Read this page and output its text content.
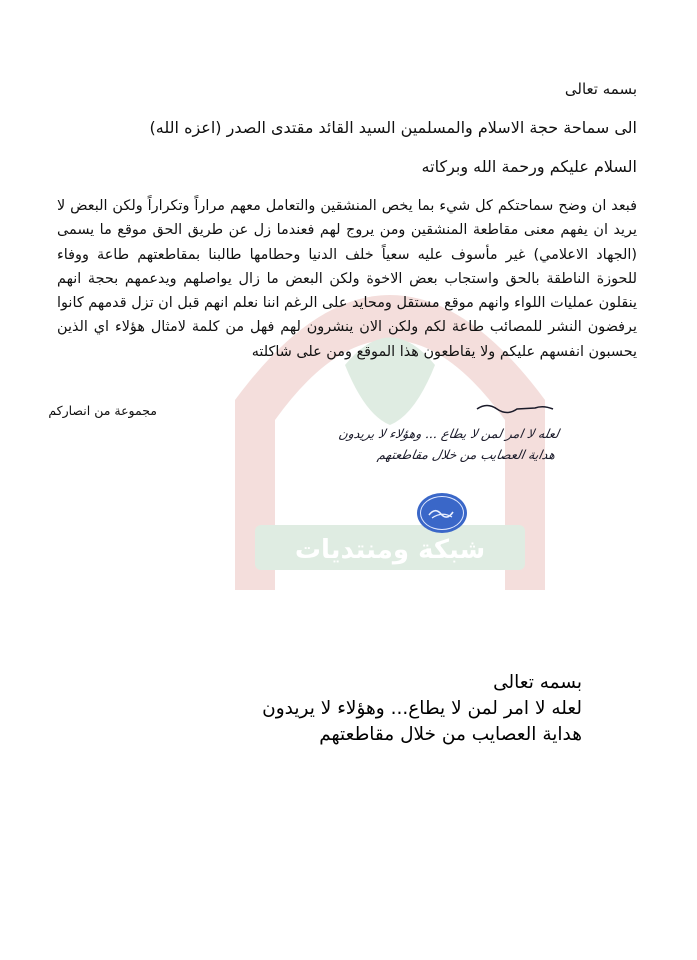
شبكة ومنتديات
بسمه تعالى
الى سماحة حجة الاسلام والمسلمين السيد القائد مقتدى الصدر (اعزه الله)
السلام عليكم ورحمة الله وبركاته
فبعد ان وضح سماحتكم كل شيء بما يخص المنشقين والتعامل معهم مراراً وتكراراً ولكن البعض لا يريد ان يفهم معنى مقاطعة المنشقين ومن يروج لهم فعندما زل عن طريق الحق موقع ما يسمى (الجهاد الاعلامي) غير مأسوف عليه سعياً خلف الدنيا وحطامها طالبنا بمقاطعتهم طاعة ووفاء للحوزة الناطقة بالحق واستجاب بعض الاخوة ولكن البعض ما زال يواصلهم ويدعمهم بحجة انهم ينقلون عمليات اللواء وانهم موقع مستقل ومحايد على الرغم اننا نعلم انهم قبل ان تزل قدمهم كانوا يرفضون النشر للمصائب طاعة لكم ولكن الان ينشرون لهم فهل من كلمة لامثال هؤلاء اي الذين يحسبون انفسهم عليكم ولا يقاطعون هذا الموقع ومن على شاكلته
مجموعة من انصاركم
لعله لا امر لمن لا يطاع ... وهؤلاء لا يريدون
هداية العصايب من خلال مقاطعتهم
بسمه تعالى
لعله لا امر لمن لا يطاع... وهؤلاء لا يريدون
هداية العصايب من خلال مقاطعتهم
